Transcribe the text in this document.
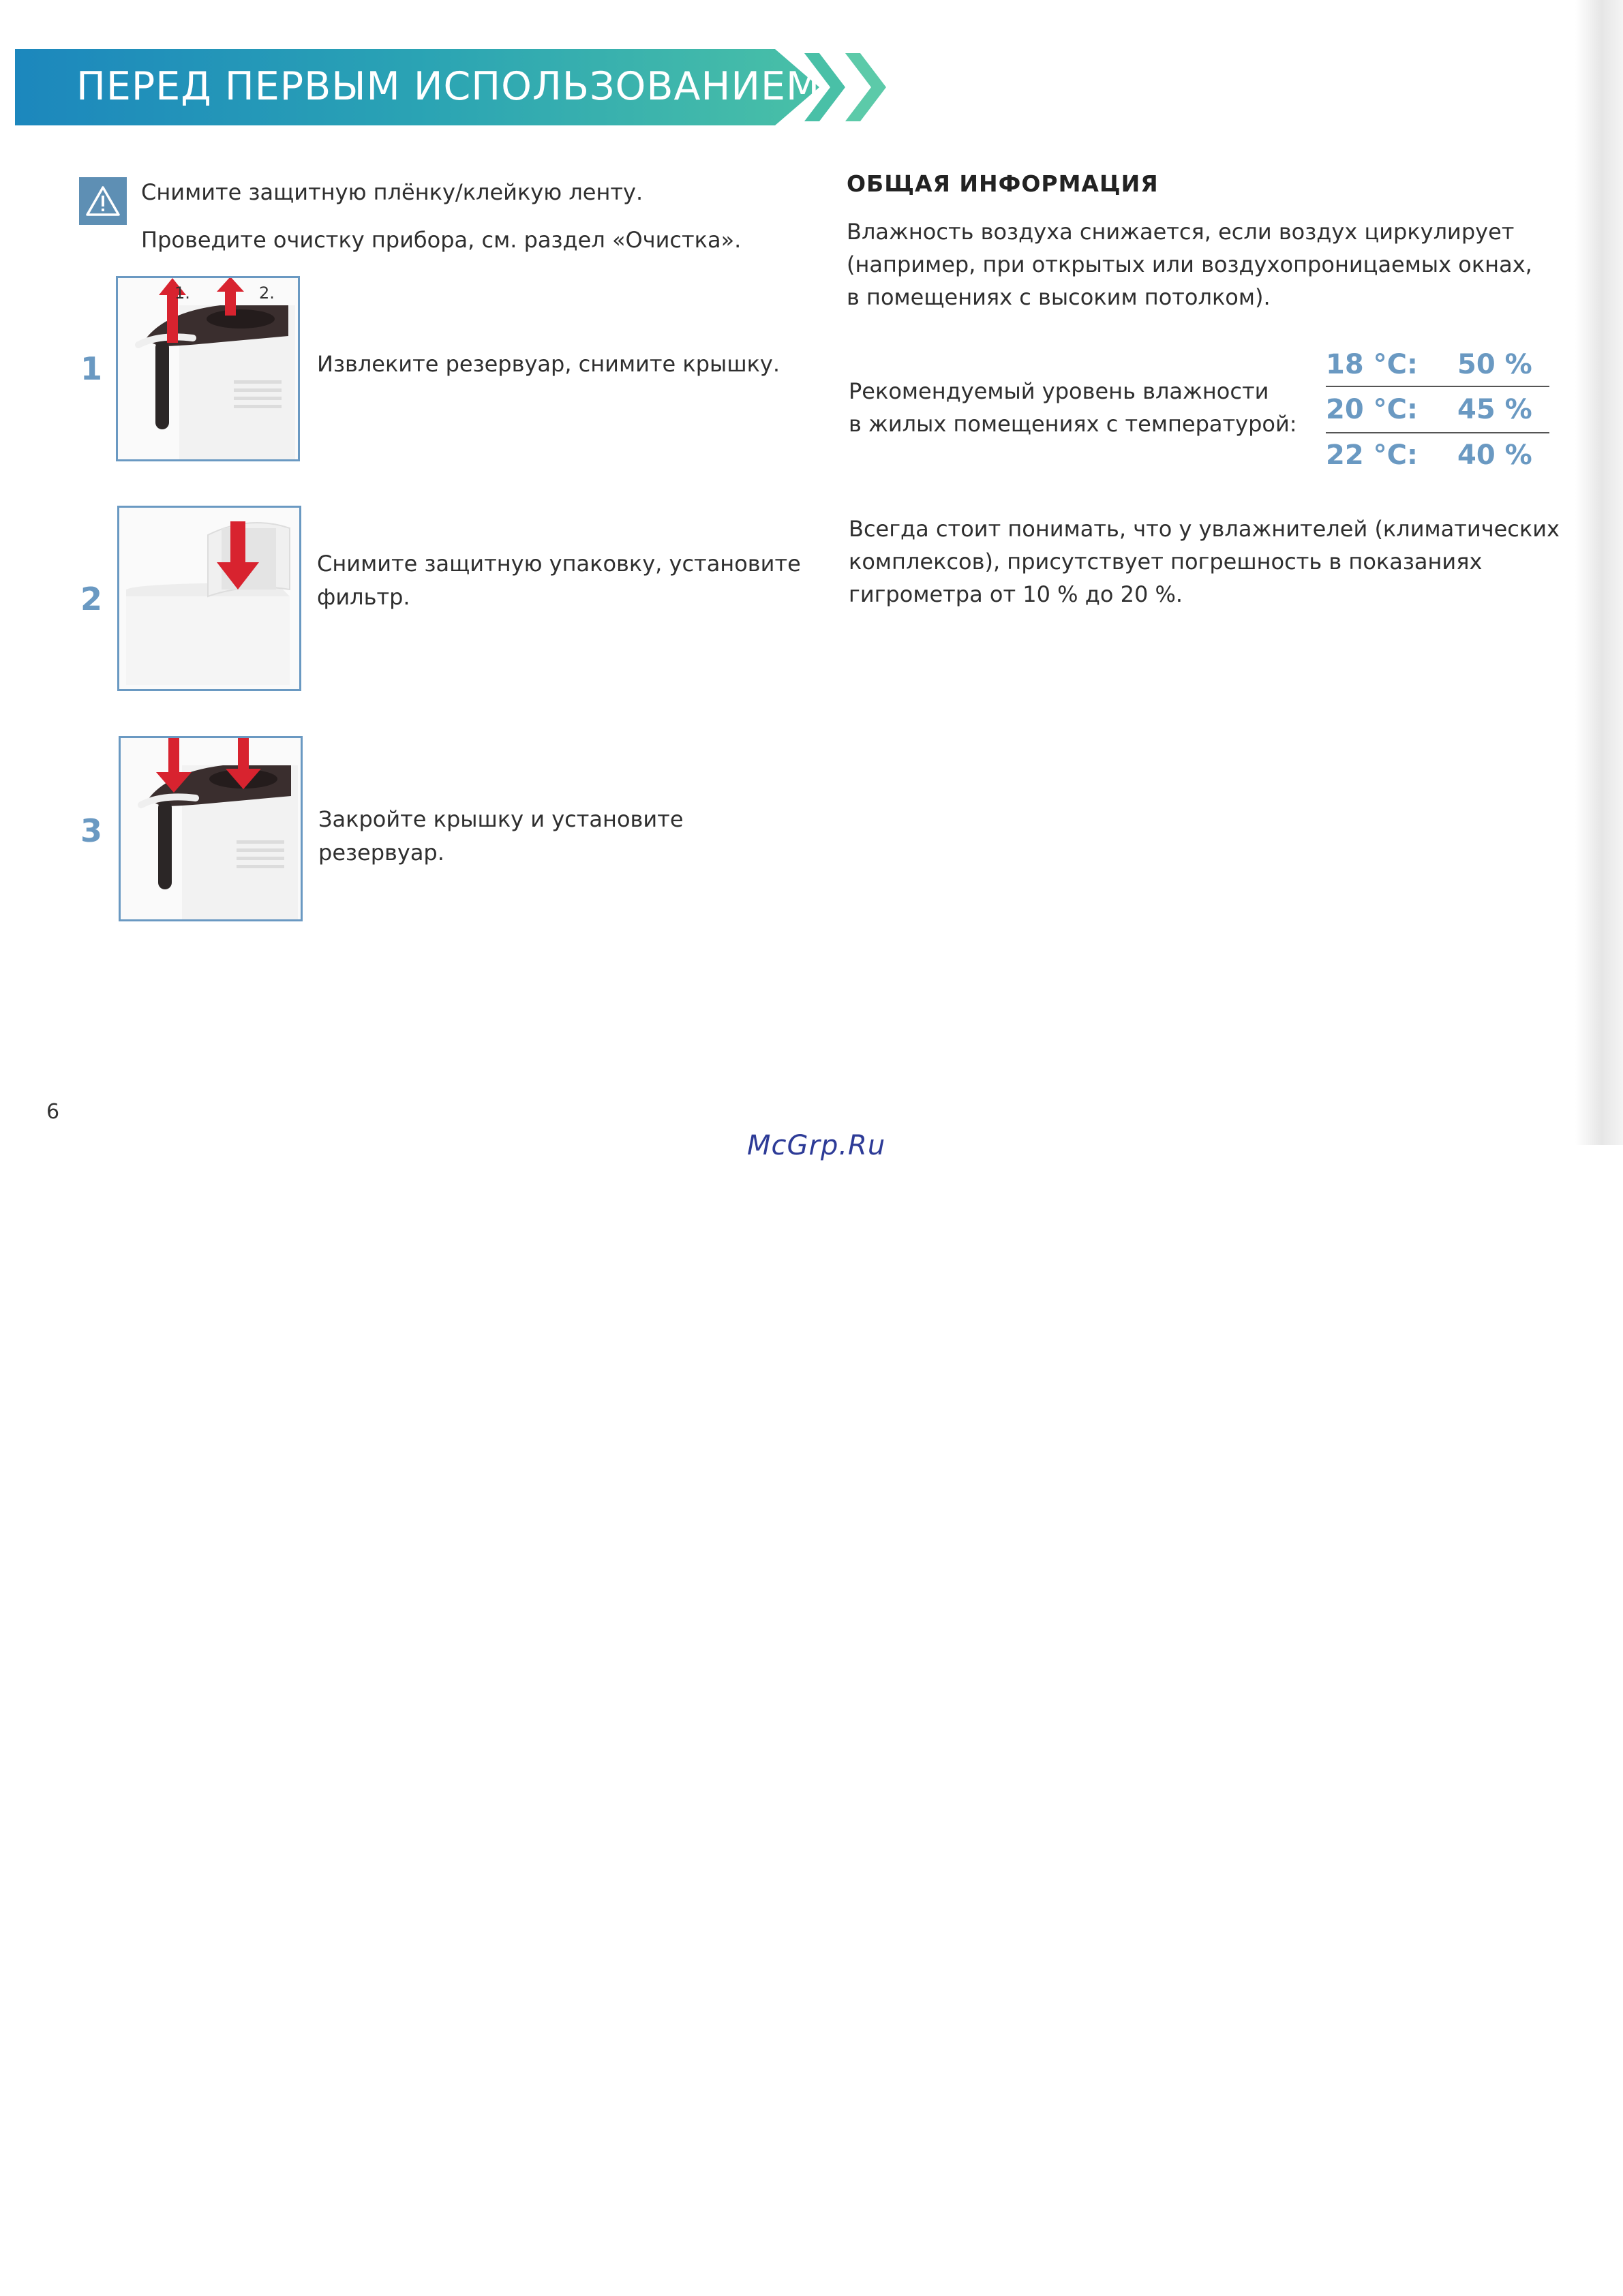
ПЕРЕД ПЕРВЫМ ИСПОЛЬЗОВАНИЕМ
Снимите защитную плёнку/клейкую ленту.
Проведите очистку прибора, см. раздел «Очистка».
1
1.	2.
Извлеките резервуар, снимите крышку.
2
Снимите защитную упаковку, установите
фильтр.
3	Закройте крышку и установите
резервуар.
ОБЩАЯ ИНФОРМАЦИЯ
Влажность воздуха снижается, если воздух циркулирует
(например, при открытых или воздухопроницаемых окнах,
в помещениях с высоким потолком).
Рекомендуемый уровень влажности
в жилых помещениях с температурой:
18 °C: 50 %
20 °C: 45 %
22 °C: 40 %
Всегда стоит понимать, что у увлажнителей (климатических
комплексов), присутствует погрешность в показаниях
гигрометра от 10 % до 20 %.
6
McGrp.Ru
